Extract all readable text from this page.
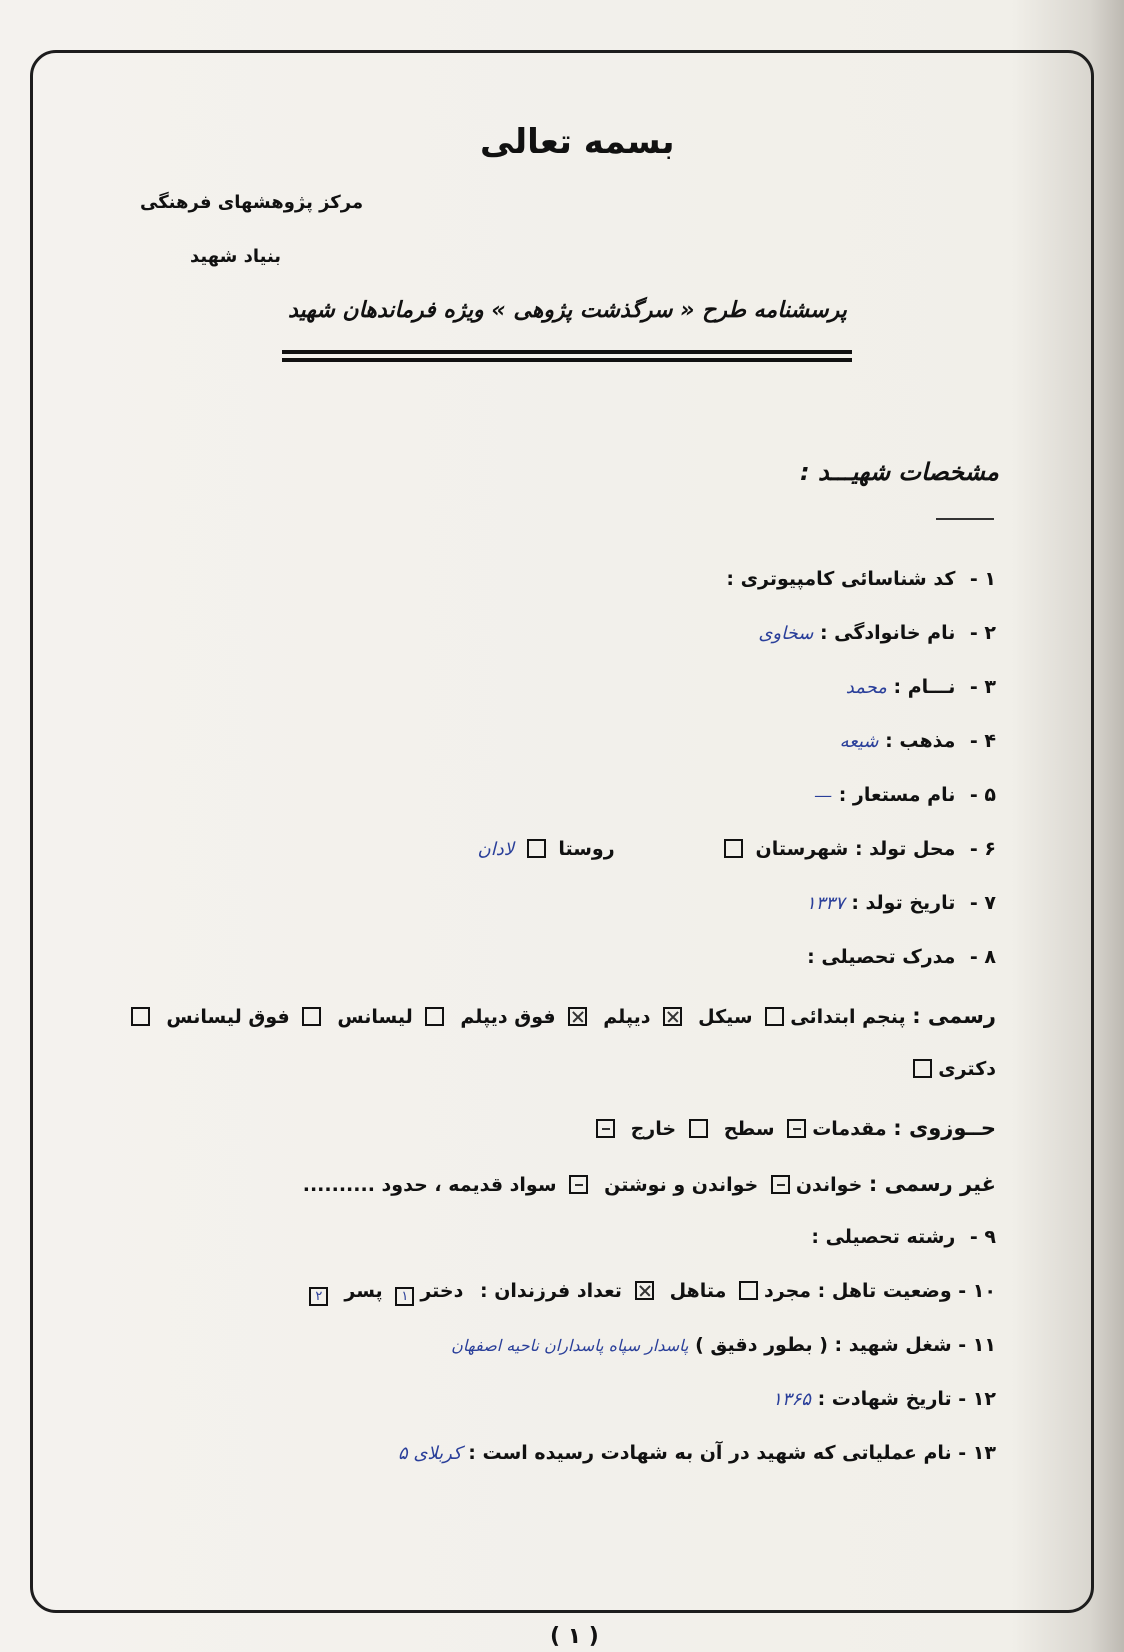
بسمه تعالی
مرکز پژوهشهای فرهنگی
بنیاد شهید
پرسشنامه طرح « سرگذشت پژوهی » ویژه فرماندهان شهید
مشخصات شهیـــد :
۱ - کد شناسائی کامپیوتری :
۲ - نام خانوادگی : سخاوی
۳ - نـــام : محمد
۴ - مذهب : شیعه
۵ - نام مستعار : —
۶ - محل تولد : شهرستان   روستا  لادان
۷ - تاریخ تولد : ۱۳۳۷
۸ - مدرک تحصیلی :
رسمی : پنجم ابتدائی سیکل دیپلم فوق دیپلم لیسانس فوق لیسانس
دکتری
حــوزوی : مقدمات سطح خارج
غیر رسمی : خواندن خواندن و نوشتن سواد قدیمه ، حدود ..........
۹ - رشته تحصیلی :
۱۰ - وضعیت تاهل : مجرد متاهل تعداد فرزندان : دختر۱ پسر۲
۱۱ - شغل شهید : ( بطور دقیق ) پاسدار سپاه پاسداران ناحیه اصفهان
۱۲ - تاریخ شهادت : ۱۳۶۵
۱۳ - نام عملیاتی که شهید در آن به شهادت رسیده است : کربلای ۵
( ۱ )
